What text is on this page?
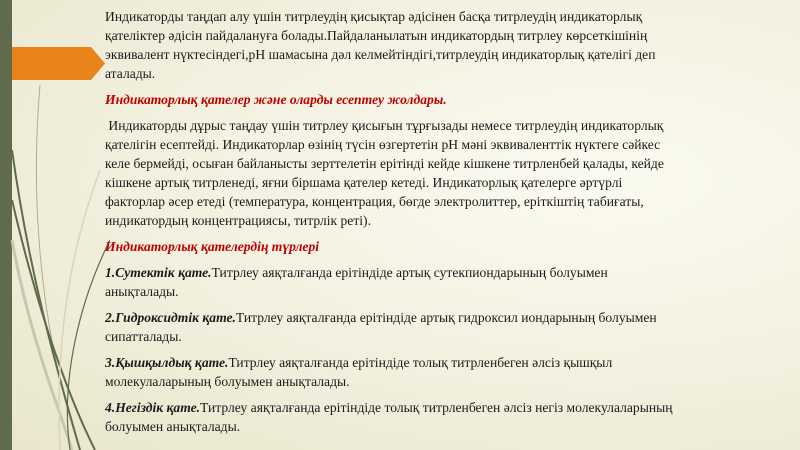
Индикаторды таңдап алу үшін титрлеудің қисықтар әдісінен басқа титрлеудің индикаторлық
қателіктер әдісін пайдалануға болады.Пайдаланылатын индикатордың титрлеу көрсеткішінің
эквивалент нүктесіндегі,рН шамасына дәл келмейтіндігі,титрлеудің индикаторлық қателігі деп
аталады.
Индикаторлық қателер және оларды есептеу жолдары.
Индикаторды дұрыс таңдау үшін титрлеу қисығын тұрғызады немесе титрлеудің индикаторлық
қателігін есептейді. Индикаторлар өзінің түсін өзгертетін рН мәні эквиваленттік нүктеге сәйкес
келе бермейді, осыған байланысты зерттелетін ерітінді кейде кішкене титрленбей қалады, кейде
кішкене артық титрленеді, яғни біршама қателер кетеді. Индикаторлық қателерге әртүрлі
факторлар әсер етеді (температура, концентрация, бөгде электролиттер, еріткіштің табиғаты,
индикатордың концентрациясы, титрлік реті).
Индикаторлық қателердің түрлері
1.Сутектік қате.Титрлеу аяқталғанда ерітіндіде артық сутекпиондарының болуымен
анықталады.
2.Гидроксидтік қате.Титрлеу аяқталғанда ерітіндіде артық гидроксил иондарының болуымен
сипатталады.
3.Қышқылдық қате.Титрлеу аяқталғанда ерітіндіде толық титрленбеген әлсіз қышқыл
молекулаларының болуымен анықталады.
4.Негіздік қате.Титрлеу аяқталғанда ерітіндіде толық титрленбеген әлсіз негіз молекулаларының
болуымен анықталады.
